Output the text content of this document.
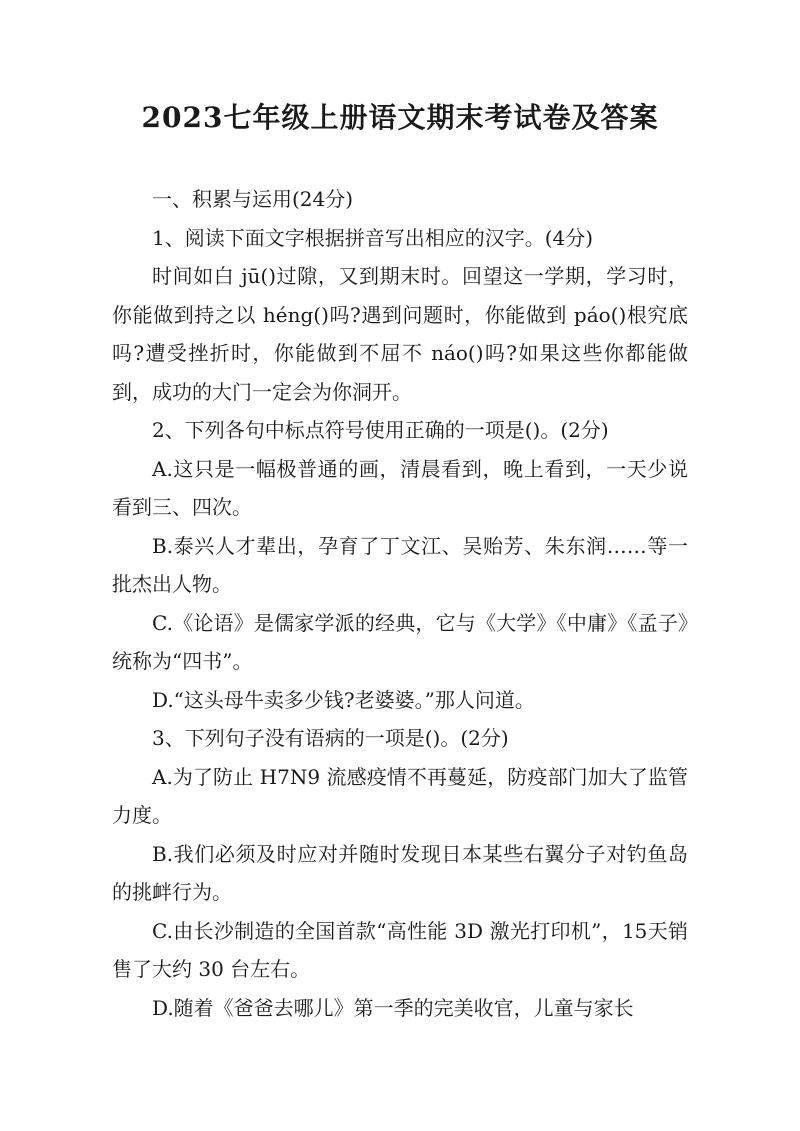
2023七年级上册语文期末考试卷及答案

一、积累与运用(24分)

1、阅读下面文字根据拼音写出相应的汉字。(4分)

时间如白 jū()过隙，又到期末时。回望这一学期，学习时，你能做到持之以 héng()吗?遇到问题时，你能做到 páo()根究底吗?遭受挫折时，你能做到不屈不 náo()吗?如果这些你都能做到，成功的大门一定会为你洞开。

2、下列各句中标点符号使用正确的一项是()。(2分)

A.这只是一幅极普通的画，清晨看到，晚上看到，一天少说看到三、四次。

B.泰兴人才辈出，孕育了丁文江、吴贻芳、朱东润……等一批杰出人物。

C.《论语》是儒家学派的经典，它与《大学》《中庸》《孟子》统称为“四书”。

D.“这头母牛卖多少钱?老婆婆。”那人问道。

3、下列句子没有语病的一项是()。(2分)

A.为了防止 H7N9 流感疫情不再蔓延，防疫部门加大了监管力度。

B.我们必须及时应对并随时发现日本某些右翼分子对钓鱼岛的挑衅行为。

C.由长沙制造的全国首款“高性能 3D 激光打印机”，15天销售了大约 30 台左右。

D.随着《爸爸去哪儿》第一季的完美收官，儿童与家长
